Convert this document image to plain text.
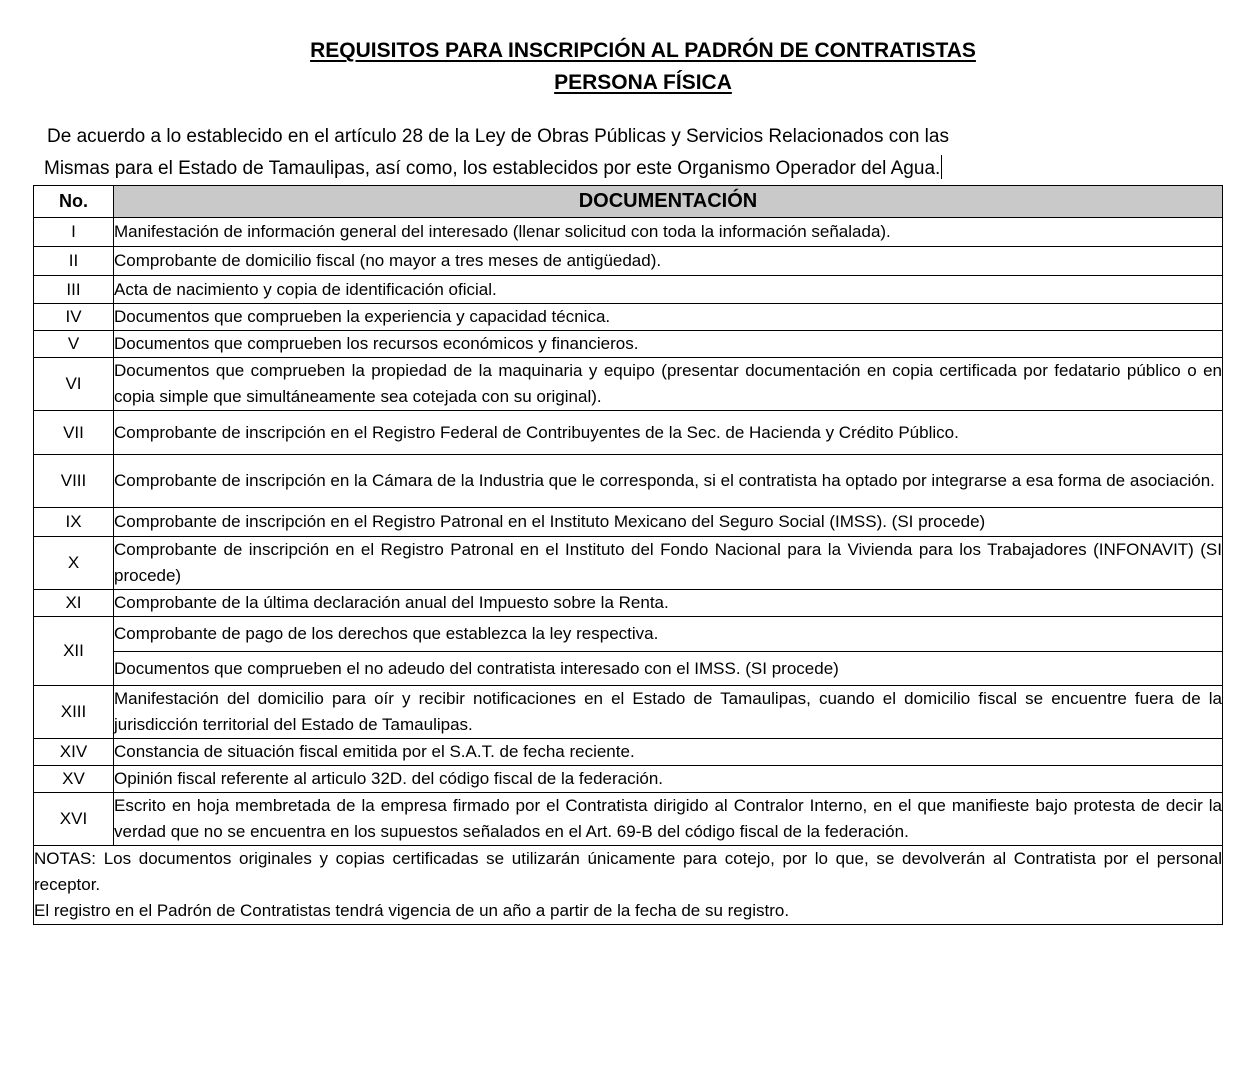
REQUISITOS PARA INSCRIPCIÓN AL PADRÓN DE CONTRATISTAS
PERSONA FÍSICA
De acuerdo a lo establecido en el artículo 28 de la Ley de Obras Públicas y Servicios Relacionados con las
Mismas para el Estado de Tamaulipas, así como, los establecidos por este Organismo Operador del Agua.
No.	DOCUMENTACIÓN
I	Manifestación de información general del interesado (llenar solicitud con toda la información señalada).
II	Comprobante de domicilio fiscal (no mayor a tres meses de antigüedad).
III	Acta de nacimiento y copia de identificación oficial.
IV	Documentos que comprueben la experiencia y capacidad técnica.
V	Documentos que comprueben los recursos económicos y financieros.
VI	Documentos que comprueben la propiedad de la maquinaria y equipo (presentar documentación en copia certificada por fedatario público o en copia simple que simultáneamente sea cotejada con su original).
VII	Comprobante de inscripción en el Registro Federal de Contribuyentes de la Sec. de Hacienda y Crédito Público.
VIII	Comprobante de inscripción en la Cámara de la Industria que le corresponda, si el contratista ha optado por integrarse a esa forma de asociación.
IX	Comprobante de inscripción en el Registro Patronal en el Instituto Mexicano del Seguro Social (IMSS). (SI procede)
X	Comprobante de inscripción en el Registro Patronal en el Instituto del Fondo Nacional para la Vivienda para los Trabajadores (INFONAVIT) (SI procede)
XI	Comprobante de la última declaración anual del Impuesto sobre la Renta.
XII	Comprobante de pago de los derechos que establezca la ley respectiva.
	Documentos que comprueben el no adeudo del contratista interesado con el IMSS. (SI procede)
XIII	Manifestación del domicilio para oír y recibir notificaciones en el Estado de Tamaulipas, cuando el domicilio fiscal se encuentre fuera de la jurisdicción territorial del Estado de Tamaulipas.
XIV	Constancia de situación fiscal emitida por el S.A.T. de fecha reciente.
XV	Opinión fiscal referente al articulo 32D. del código fiscal de la federación.
XVI	Escrito en hoja membretada de la empresa firmado por el Contratista dirigido al Contralor Interno, en el que manifieste bajo protesta de decir la verdad que no se encuentra en los supuestos señalados en el Art. 69-B del código fiscal de la federación.

NOTAS: Los documentos originales y copias certificadas se utilizarán únicamente para cotejo, por lo que, se devolverán al Contratista por el personal receptor.

El registro en el Padrón de Contratistas tendrá vigencia de un año a partir de la fecha de su registro.	
